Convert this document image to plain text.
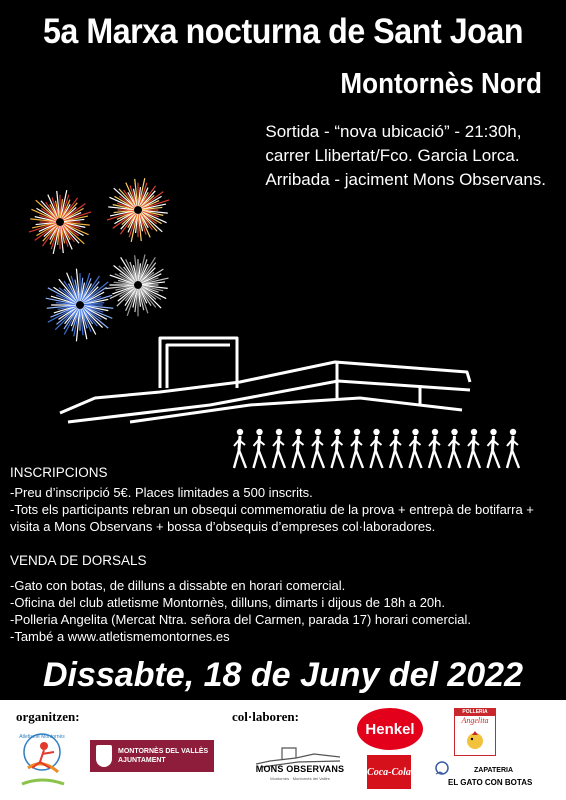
5a Marxa nocturna de Sant Joan
Montornès Nord
Sortida - “nova ubicació” - 21:30h,
carrer Llibertat/Fco. Garcia Lorca.
Arribada - jaciment Mons Observans.
INSCRIPCIONS
-Preu d’inscripció 5€. Places limitades a 500 inscrits.
-Tots els participants rebran un obsequi commemoratiu de la prova + entrepà de botifarra + visita a Mons Observans + bossa d’obsequis d’empreses col·laboradores.
VENDA DE DORSALS
-Gato con botas, de dilluns a dissabte en horari comercial.
-Oficina del club atletisme Montornès, dilluns, dimarts i dijous de 18h a 20h.
-Polleria Angelita (Mercat Ntra. señora del Carmen, parada 17) horari comercial.
-També a www.atletismemontornes.es
Dissabte, 18 de Juny del 2022
organitzen:	col·laboren:
Atletisme Montornès
MONTORNÈS DEL VALLÈS
AJUNTAMENT
MONS OBSERVANS
Montornès · Montornès del Vallès
Henkel
Coca-Cola
POLLERIA
Angelita
ZAPATERIA
EL GATO CON BOTAS
